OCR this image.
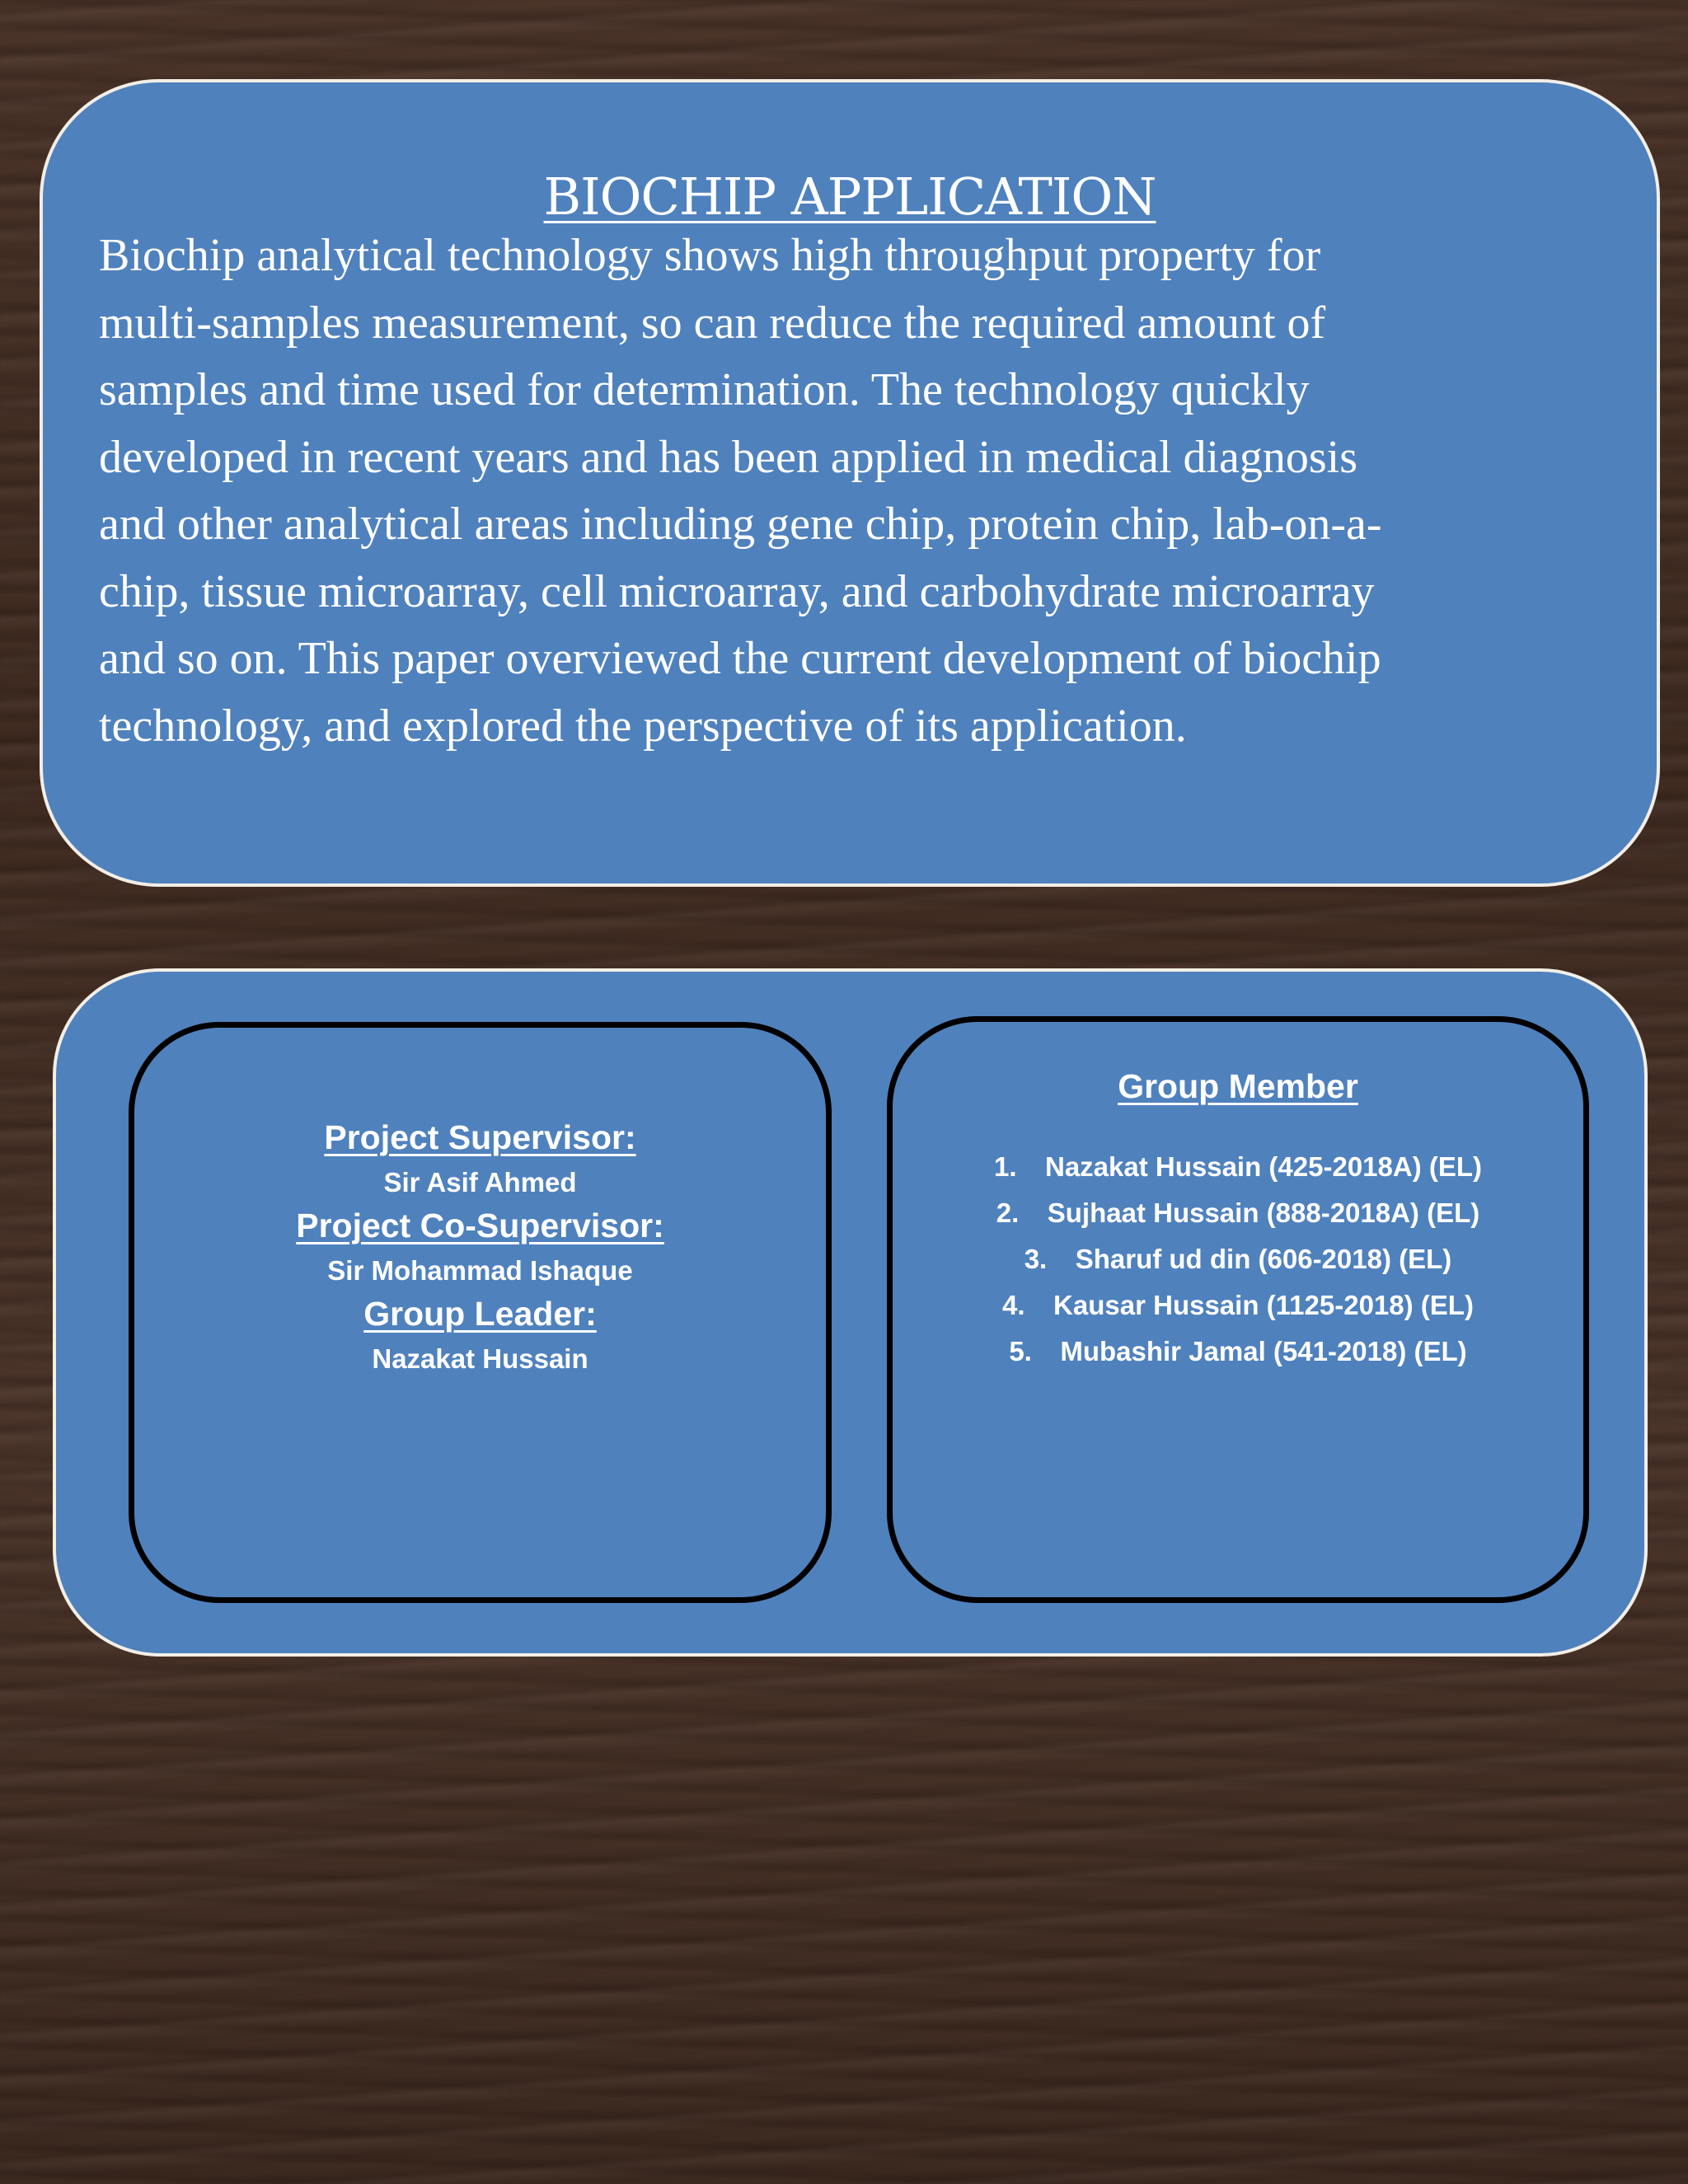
BIOCHIP APPLICATION

Biochip analytical technology shows high throughput property for
multi-samples measurement, so can reduce the required amount of
samples and time used for determination. The technology quickly
developed in recent years and has been applied in medical diagnosis
and other analytical areas including gene chip, protein chip, lab-on-a-
chip, tissue microarray, cell microarray, and carbohydrate microarray
and so on. This paper overviewed the current development of biochip
technology, and explored the perspective of its application.

Project Supervisor:
Sir Asif Ahmed
Project Co-Supervisor:
Sir Mohammad Ishaque
Group Leader:
Nazakat Hussain
Group Member
1. Nazakat Hussain (425-2018A) (EL)
2. Sujhaat Hussain (888-2018A) (EL)
3. Sharuf ud din (606-2018) (EL)
4. Kausar Hussain (1125-2018) (EL)
5. Mubashir Jamal (541-2018) (EL)
